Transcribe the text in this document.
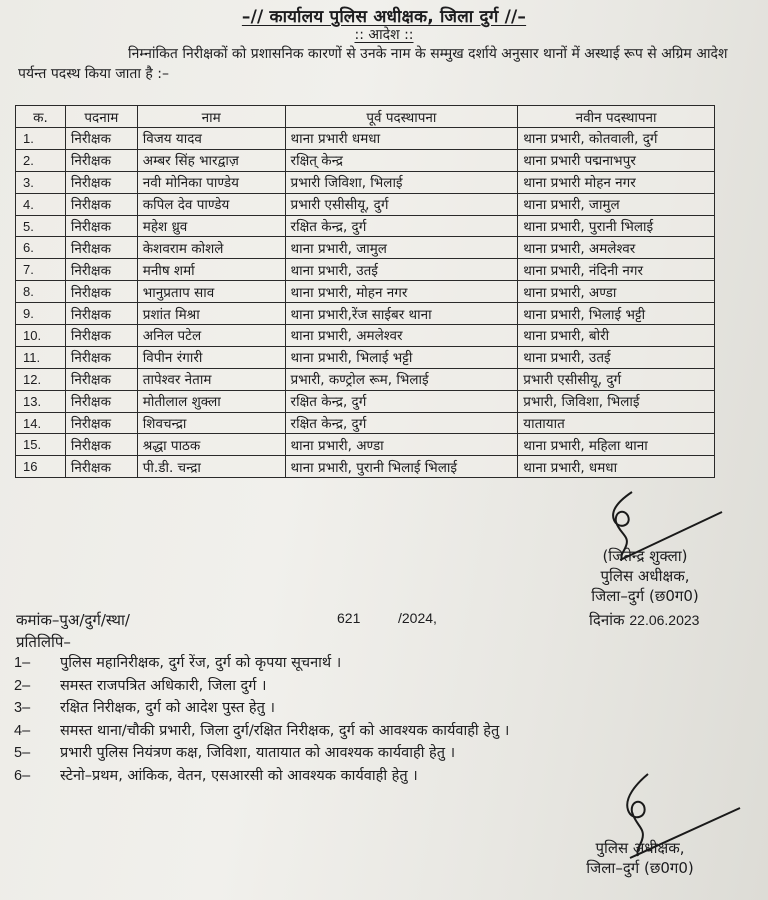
–// कार्यालय पुलिस अधीक्षक, जिला दुर्ग //–
:: आदेश ::

निम्नांकित निरीक्षकों को प्रशासनिक कारणों से उनके नाम के सम्मुख दर्शाये अनुसार थानों में अस्थाई रूप से अग्रिम आदेश पर्यन्त पदस्थ किया जाता है :–

क.	पदनाम	नाम	पूर्व पदस्थापना	नवीन पदस्थापना
1.	निरीक्षक	विजय यादव	थाना प्रभारी धमधा	थाना प्रभारी, कोतवाली, दुर्ग
2.	निरीक्षक	अम्बर सिंह भारद्वाज़	रक्षित् केन्द्र	थाना प्रभारी पद्मनाभपुर
3.	निरीक्षक	नवी मोनिका पाण्डेय	प्रभारी जिविशा, भिलाई	थाना प्रभारी मोहन नगर
4.	निरीक्षक	कपिल देव पाण्डेय	प्रभारी एसीसीयू, दुर्ग	थाना प्रभारी, जामुल
5.	निरीक्षक	महेश ध्रुव	रक्षित केन्द्र, दुर्ग	थाना प्रभारी, पुरानी भिलाई
6.	निरीक्षक	केशवराम कोशले	थाना प्रभारी, जामुल	थाना प्रभारी, अमलेश्वर
7.	निरीक्षक	मनीष शर्मा	थाना प्रभारी, उतई	थाना प्रभारी, नंदिनी नगर
8.	निरीक्षक	भानुप्रताप साव	थाना प्रभारी, मोहन नगर	थाना प्रभारी, अण्डा
9.	निरीक्षक	प्रशांत मिश्रा	थाना प्रभारी,रेंज साईबर थाना	थाना प्रभारी, भिलाई भट्टी
10.	निरीक्षक	अनिल पटेल	थाना प्रभारी, अमलेश्वर	थाना प्रभारी, बोरी
11.	निरीक्षक	विपीन रंगारी	थाना प्रभारी, भिलाई भट्टी	थाना प्रभारी, उतई
12.	निरीक्षक	तापेश्वर नेताम	प्रभारी, कण्ट्रोल रूम, भिलाई	प्रभारी एसीसीयू, दुर्ग
13.	निरीक्षक	मोतीलाल शुक्ला	रक्षित केन्द्र, दुर्ग	प्रभारी, जिविशा, भिलाई
14.	निरीक्षक	शिवचन्द्रा	रक्षित केन्द्र, दुर्ग	यातायात
15.	निरीक्षक	श्रद्धा पाठक	थाना प्रभारी, अण्डा	थाना प्रभारी, महिला थाना
16	निरीक्षक	पी.डी. चन्द्रा	थाना प्रभारी, पुरानी भिलाई भिलाई	थाना प्रभारी, धमधा
(जितेन्द्र शुक्ला)
पुलिस अधीक्षक,
जिला–दुर्ग (छ0ग0)
कमांक–पुअ/दुर्ग/स्था/	621	/2024,	दिनांक 22.06.2023
प्रतिलिपि–
1–	पुलिस महानिरीक्षक, दुर्ग रेंज, दुर्ग को कृपया सूचनार्थ ।
2–	समस्त राजपत्रित अधिकारी, जिला दुर्ग ।
3–	रक्षित निरीक्षक, दुर्ग को आदेश पुस्त हेतु ।
4–	समस्त थाना/चौकी प्रभारी, जिला दुर्ग/रक्षित निरीक्षक, दुर्ग को आवश्यक कार्यवाही हेतु ।
5–	प्रभारी पुलिस नियंत्रण कक्ष, जिविशा, यातायात को आवश्यक कार्यवाही हेतु ।
6–	स्टेनो–प्रथम, आंकिक, वेतन, एसआरसी को आवश्यक कार्यवाही हेतु ।
पुलिस अधीक्षक,
जिला–दुर्ग (छ0ग0)
